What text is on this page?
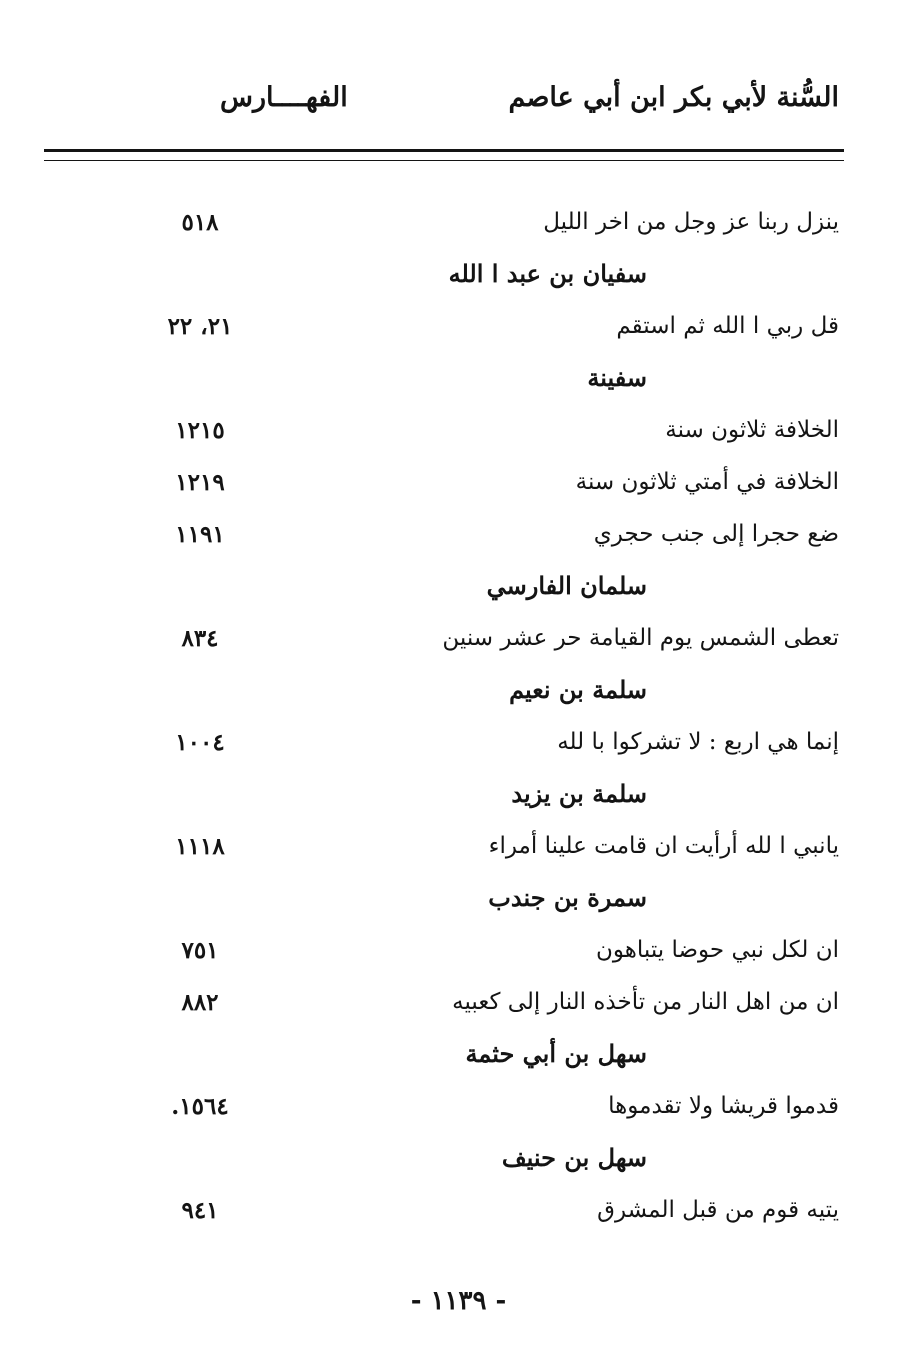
السُّنة لأبي بكر ابن أبي عاصم
الفهــــارس
ينزل ربنا عز وجل من اخر الليل
٥١٨
سفيان بن عبد ا الله
قل ربي ا الله ثم استقم
٢١، ٢٢
سفينة
الخلافة ثلاثون سنة
١٢١٥
الخلافة في أمتي ثلاثون سنة
١٢١٩
ضع حجرا إلى جنب حجري
١١٩١
سلمان الفارسي
تعطى الشمس يوم القيامة حر عشر سنين
٨٣٤
سلمة بن نعيم
إنما هي اربع : لا تشركوا با لله
١٠٠٤
سلمة بن يزيد
يانبي ا لله أرأيت ان قامت علينا أمراء
١١١٨
سمرة بن جندب
ان لكل نبي حوضا يتباهون
٧٥١
ان من اهل النار من تأخذه النار إلى كعبيه
٨٨٢
سهل بن أبي حثمة
قدموا قريشا ولا تقدموها
١٥٦٤.
سهل بن حنيف
يتيه قوم من قبل المشرق
٩٤١
- ١١٣٩ -
